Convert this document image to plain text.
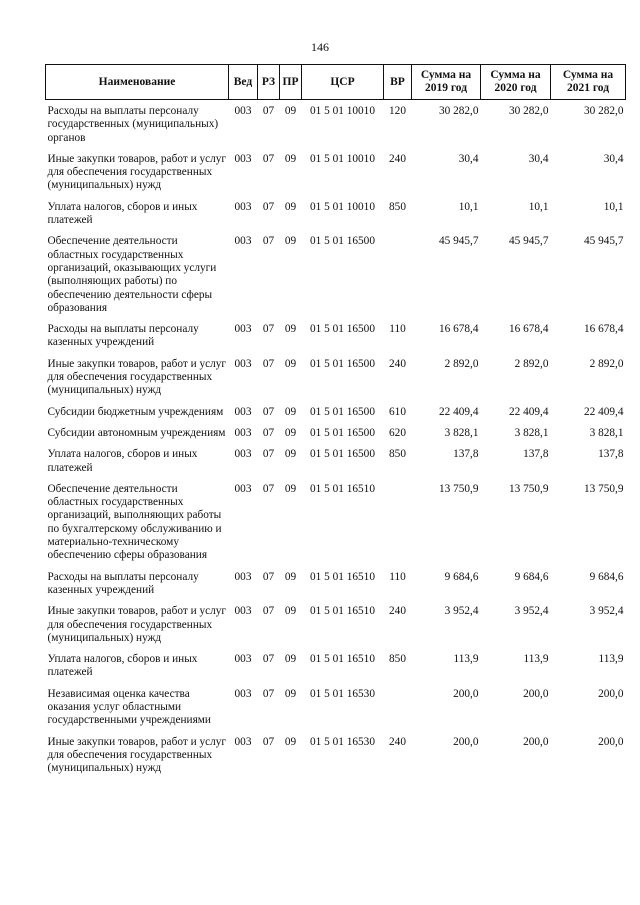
146
Наименование	Вед	РЗ	ПР	ЦСР	ВР	Сумма на 2019 год	Сумма на 2020 год	Сумма на 2021 год
Расходы на выплаты персоналу государственных (муниципальных) органов	003	07	09	01 5 01 10010	120	30 282,0	30 282,0	30 282,0
Иные закупки товаров, работ и услуг для обеспечения государственных (муниципальных) нужд	003	07	09	01 5 01 10010	240	30,4	30,4	30,4
Уплата налогов, сборов и иных платежей	003	07	09	01 5 01 10010	850	10,1	10,1	10,1
Обеспечение деятельности областных государственных организаций, оказывающих услуги (выполняющих работы) по обеспечению деятельности сферы образования	003	07	09	01 5 01 16500		45 945,7	45 945,7	45 945,7
Расходы на выплаты персоналу казенных учреждений	003	07	09	01 5 01 16500	110	16 678,4	16 678,4	16 678,4
Иные закупки товаров, работ и услуг для обеспечения государственных (муниципальных) нужд	003	07	09	01 5 01 16500	240	2 892,0	2 892,0	2 892,0
Субсидии бюджетным учреждениям	003	07	09	01 5 01 16500	610	22 409,4	22 409,4	22 409,4
Субсидии автономным учреждениям	003	07	09	01 5 01 16500	620	3 828,1	3 828,1	3 828,1
Уплата налогов, сборов и иных платежей	003	07	09	01 5 01 16500	850	137,8	137,8	137,8
Обеспечение деятельности областных государственных организаций, выполняющих работы по бухгалтерскому обслуживанию и материально-техническому обеспечению сферы образования	003	07	09	01 5 01 16510		13 750,9	13 750,9	13 750,9
Расходы на выплаты персоналу казенных учреждений	003	07	09	01 5 01 16510	110	9 684,6	9 684,6	9 684,6
Иные закупки товаров, работ и услуг для обеспечения государственных (муниципальных) нужд	003	07	09	01 5 01 16510	240	3 952,4	3 952,4	3 952,4
Уплата налогов, сборов и иных платежей	003	07	09	01 5 01 16510	850	113,9	113,9	113,9
Независимая оценка качества оказания услуг областными государственными учреждениями	003	07	09	01 5 01 16530		200,0	200,0	200,0
Иные закупки товаров, работ и услуг для обеспечения государственных (муниципальных) нужд	003	07	09	01 5 01 16530	240	200,0	200,0	200,0
